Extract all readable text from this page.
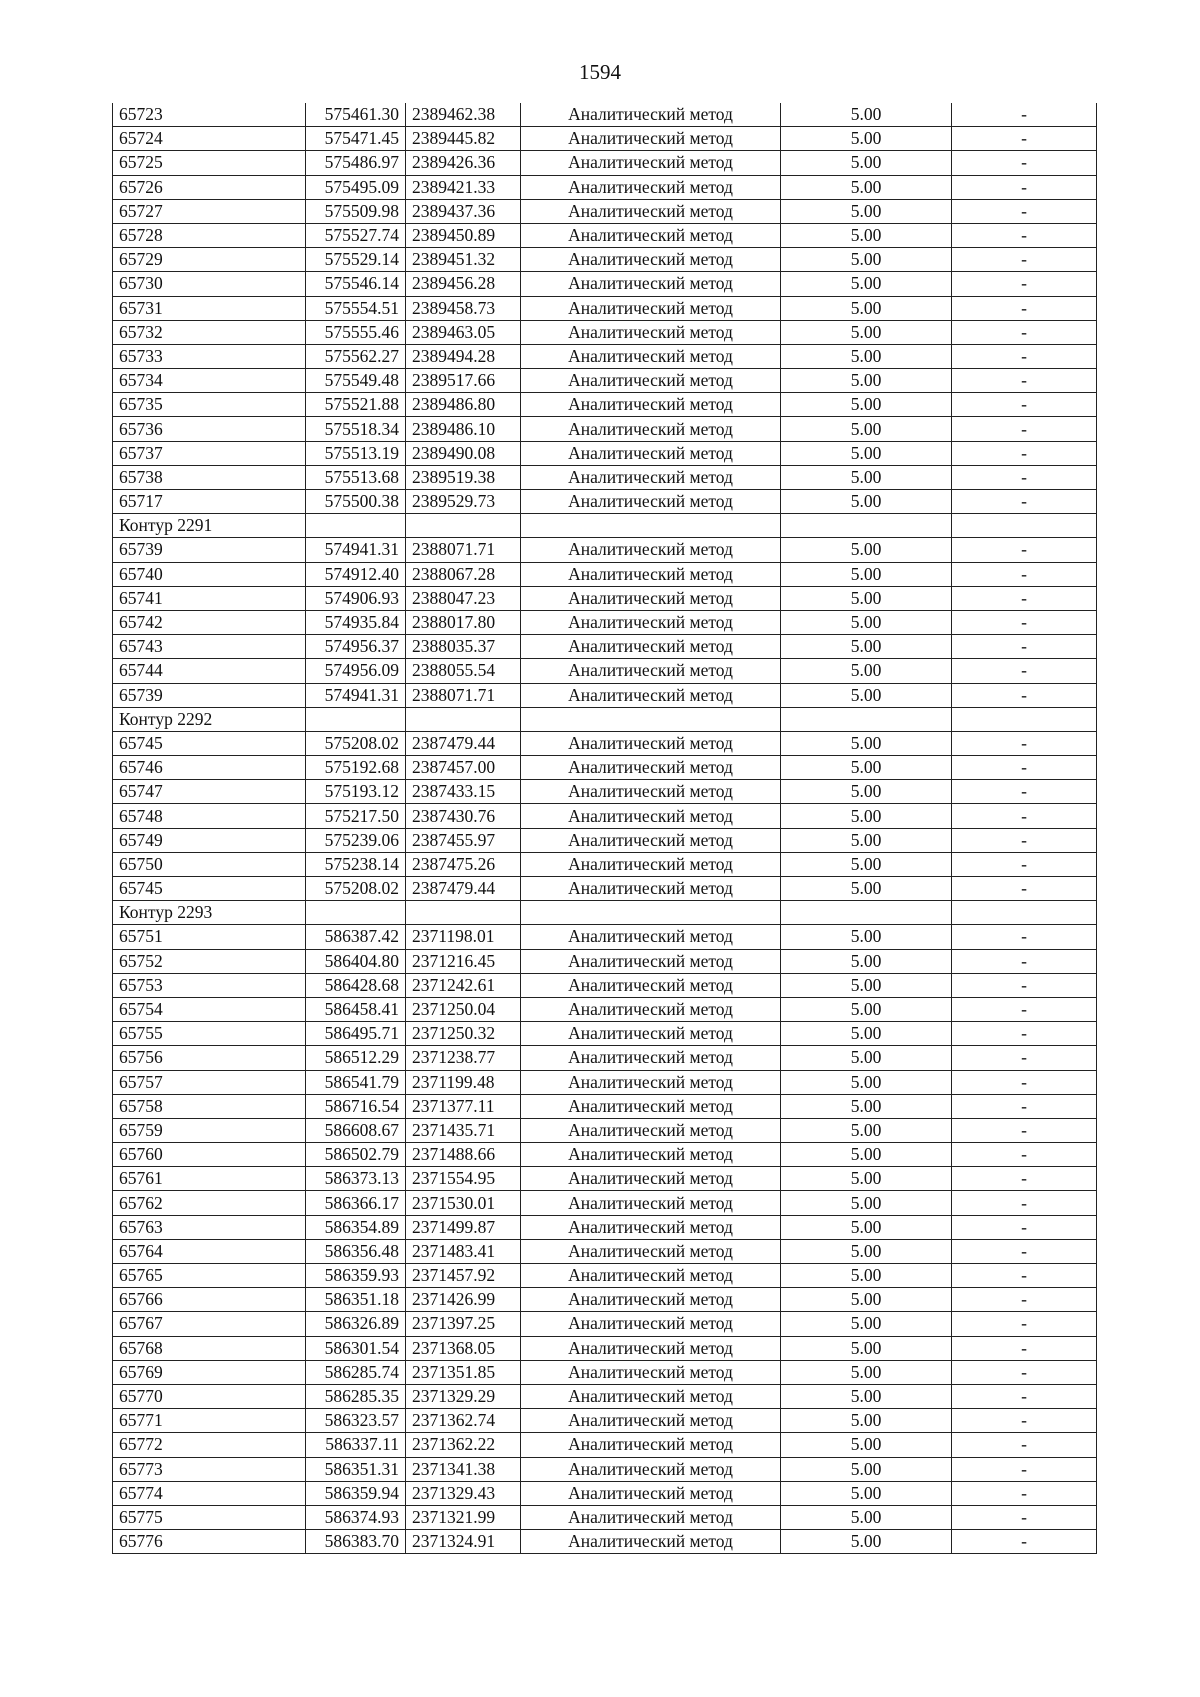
1594
65723	575461.30	2389462.38	Аналитический метод	5.00	-
65724	575471.45	2389445.82	Аналитический метод	5.00	-
65725	575486.97	2389426.36	Аналитический метод	5.00	-
65726	575495.09	2389421.33	Аналитический метод	5.00	-
65727	575509.98	2389437.36	Аналитический метод	5.00	-
65728	575527.74	2389450.89	Аналитический метод	5.00	-
65729	575529.14	2389451.32	Аналитический метод	5.00	-
65730	575546.14	2389456.28	Аналитический метод	5.00	-
65731	575554.51	2389458.73	Аналитический метод	5.00	-
65732	575555.46	2389463.05	Аналитический метод	5.00	-
65733	575562.27	2389494.28	Аналитический метод	5.00	-
65734	575549.48	2389517.66	Аналитический метод	5.00	-
65735	575521.88	2389486.80	Аналитический метод	5.00	-
65736	575518.34	2389486.10	Аналитический метод	5.00	-
65737	575513.19	2389490.08	Аналитический метод	5.00	-
65738	575513.68	2389519.38	Аналитический метод	5.00	-
65717	575500.38	2389529.73	Аналитический метод	5.00	-
Контур 2291					
65739	574941.31	2388071.71	Аналитический метод	5.00	-
65740	574912.40	2388067.28	Аналитический метод	5.00	-
65741	574906.93	2388047.23	Аналитический метод	5.00	-
65742	574935.84	2388017.80	Аналитический метод	5.00	-
65743	574956.37	2388035.37	Аналитический метод	5.00	-
65744	574956.09	2388055.54	Аналитический метод	5.00	-
65739	574941.31	2388071.71	Аналитический метод	5.00	-
Контур 2292					
65745	575208.02	2387479.44	Аналитический метод	5.00	-
65746	575192.68	2387457.00	Аналитический метод	5.00	-
65747	575193.12	2387433.15	Аналитический метод	5.00	-
65748	575217.50	2387430.76	Аналитический метод	5.00	-
65749	575239.06	2387455.97	Аналитический метод	5.00	-
65750	575238.14	2387475.26	Аналитический метод	5.00	-
65745	575208.02	2387479.44	Аналитический метод	5.00	-
Контур 2293					
65751	586387.42	2371198.01	Аналитический метод	5.00	-
65752	586404.80	2371216.45	Аналитический метод	5.00	-
65753	586428.68	2371242.61	Аналитический метод	5.00	-
65754	586458.41	2371250.04	Аналитический метод	5.00	-
65755	586495.71	2371250.32	Аналитический метод	5.00	-
65756	586512.29	2371238.77	Аналитический метод	5.00	-
65757	586541.79	2371199.48	Аналитический метод	5.00	-
65758	586716.54	2371377.11	Аналитический метод	5.00	-
65759	586608.67	2371435.71	Аналитический метод	5.00	-
65760	586502.79	2371488.66	Аналитический метод	5.00	-
65761	586373.13	2371554.95	Аналитический метод	5.00	-
65762	586366.17	2371530.01	Аналитический метод	5.00	-
65763	586354.89	2371499.87	Аналитический метод	5.00	-
65764	586356.48	2371483.41	Аналитический метод	5.00	-
65765	586359.93	2371457.92	Аналитический метод	5.00	-
65766	586351.18	2371426.99	Аналитический метод	5.00	-
65767	586326.89	2371397.25	Аналитический метод	5.00	-
65768	586301.54	2371368.05	Аналитический метод	5.00	-
65769	586285.74	2371351.85	Аналитический метод	5.00	-
65770	586285.35	2371329.29	Аналитический метод	5.00	-
65771	586323.57	2371362.74	Аналитический метод	5.00	-
65772	586337.11	2371362.22	Аналитический метод	5.00	-
65773	586351.31	2371341.38	Аналитический метод	5.00	-
65774	586359.94	2371329.43	Аналитический метод	5.00	-
65775	586374.93	2371321.99	Аналитический метод	5.00	-
65776	586383.70	2371324.91	Аналитический метод	5.00	-
